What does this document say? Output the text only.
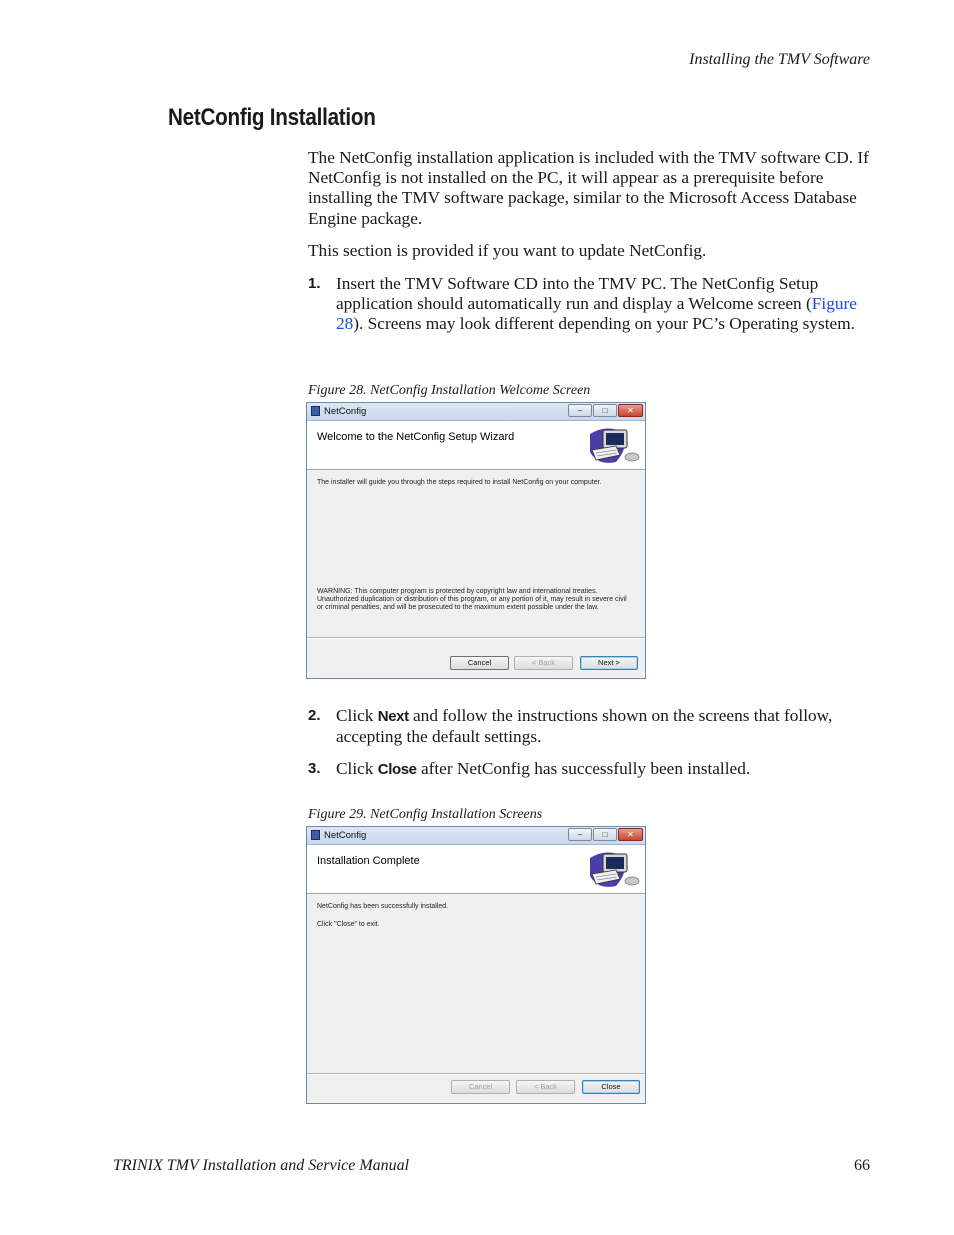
Installing the TMV Software
NetConfig Installation

The NetConfig installation application is included with the TMV software CD. If NetConfig is not installed on the PC, it will appear as a prerequisite before installing the TMV software package, similar to the Microsoft Access Database Engine package.

This section is provided if you want to update NetConfig.

1. Insert the TMV Software CD into the TMV PC. The NetConfig Setup application should automatically run and display a Welcome screen (Figure 28). Screens may look different depending on your PC’s Operating system.
Figure 28. NetConfig Installation Welcome Screen
NetConfig	–	□	✕
Welcome to the NetConfig Setup Wizard
The installer will guide you through the steps required to install NetConfig on your computer.
WARNING: This computer program is protected by copyright law and international treaties.
Unauthorized duplication or distribution of this program, or any portion of it, may result in severe civil
or criminal penalties, and will be prosecuted to the maximum extent possible under the law.
Cancel	< Back	Next >
2. Click Next and follow the instructions shown on the screens that follow, accepting the default settings.
3. Click Close after NetConfig has successfully been installed.
Figure 29. NetConfig Installation Screens
NetConfig	–	□	✕
Installation Complete
NetConfig has been successfully installed.
Click "Close" to exit.
Cancel	< Back	Close
TRINIX TMV Installation and Service Manual	66
